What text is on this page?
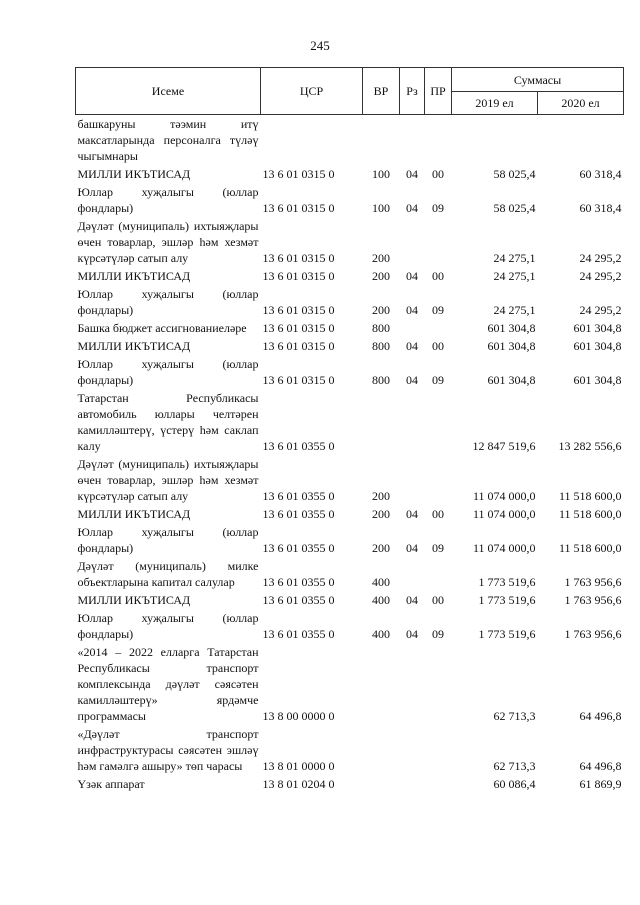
245
Исеме	ЦСР	ВР	Рз	ПР	Суммасы	
					2019 ел	2020 ел
башкаруны тәэмин итү максатларында персоналга түләү чыгымнары						
МИЛЛИ ИКЪТИСАД	13 6 01 0315 0	100	04	00	58 025,4	60 318,4
Юллар хуҗалыгы (юллар фондлары)	13 6 01 0315 0	100	04	09	58 025,4	60 318,4
Дәүләт (муниципаль) ихтыяҗлары өчен товарлар, эшләр һәм хезмәт күрсәтүләр сатып алу	13 6 01 0315 0	200			24 275,1	24 295,2
МИЛЛИ ИКЪТИСАД	13 6 01 0315 0	200	04	00	24 275,1	24 295,2
Юллар хуҗалыгы (юллар фондлары)	13 6 01 0315 0	200	04	09	24 275,1	24 295,2
Башка бюджет ассигнованиеләре	13 6 01 0315 0	800			601 304,8	601 304,8
МИЛЛИ ИКЪТИСАД	13 6 01 0315 0	800	04	00	601 304,8	601 304,8
Юллар хуҗалыгы (юллар фондлары)	13 6 01 0315 0	800	04	09	601 304,8	601 304,8
Татарстан Республикасы автомобиль юллары челтәрен камилләштерү, үстерү һәм саклап калу	13 6 01 0355 0				12 847 519,6	13 282 556,6
Дәүләт (муниципаль) ихтыяҗлары өчен товарлар, эшләр һәм хезмәт күрсәтүләр сатып алу	13 6 01 0355 0	200			11 074 000,0	11 518 600,0
МИЛЛИ ИКЪТИСАД	13 6 01 0355 0	200	04	00	11 074 000,0	11 518 600,0
Юллар хуҗалыгы (юллар фондлары)	13 6 01 0355 0	200	04	09	11 074 000,0	11 518 600,0
Дәүләт (муниципаль) милке объектларына капитал салулар	13 6 01 0355 0	400			1 773 519,6	1 763 956,6
МИЛЛИ ИКЪТИСАД	13 6 01 0355 0	400	04	00	1 773 519,6	1 763 956,6
Юллар хуҗалыгы (юллар фондлары)	13 6 01 0355 0	400	04	09	1 773 519,6	1 763 956,6
«2014 – 2022 елларга Татарстан Республикасы транспорт комплексында дәүләт сәясәтен камилләштерү» ярдәмче программасы	13 8 00 0000 0				62 713,3	64 496,8
«Дәүләт транспорт инфраструктурасы сәясәтен эшләү һәм гамәлгә ашыру» төп чарасы	13 8 01 0000 0				62 713,3	64 496,8
Үзәк аппарат	13 8 01 0204 0				60 086,4	61 869,9
